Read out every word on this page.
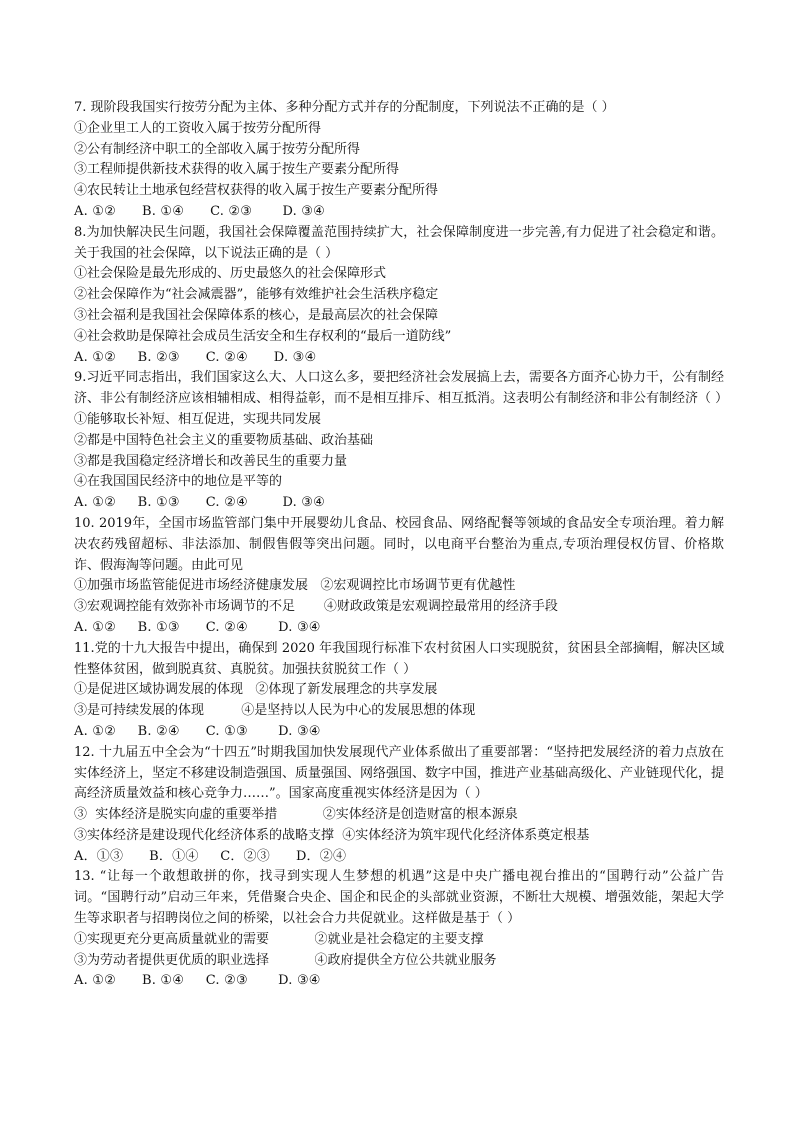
7. 现阶段我国实行按劳分配为主体、多种分配方式并存的分配制度，下列说法不正确的是（ ）

①企业里工人的工资收入属于按劳分配所得

②公有制经济中职工的全部收入属于按劳分配所得

③工程师提供新技术获得的收入属于按生产要素分配所得

④农民转让土地承包经营权获得的收入属于按生产要素分配所得

A. ①②      B. ①④      C. ②③       D. ③④

8.为加快解决民生问题，我国社会保障覆盖范围持续扩大，社会保障制度进一步完善,有力促进了社会稳定和谐。关于我国的社会保障，以下说法正确的是（ ）

①社会保险是最先形成的、历史最悠久的社会保障形式

②社会保障作为“社会减震器”，能够有效维护社会生活秩序稳定

③社会福利是我国社会保障体系的核心，是最高层次的社会保障

④社会救助是保障社会成员生活安全和生存权利的“最后一道防线”

A. ①②     B. ②③      C. ②④      D. ③④

9.习近平同志指出，我们国家这么大、人口这么多，要把经济社会发展搞上去，需要各方面齐心协力干，公有制经济、非公有制经济应该相辅相成、相得益彰，而不是相互排斥、相互抵消。这表明公有制经济和非公有制经济（ ）

①能够取长补短、相互促进，实现共同发展

②都是中国特色社会主义的重要物质基础、政治基础

③都是我国稳定经济增长和改善民生的重要力量

④在我国国民经济中的地位是平等的

A. ①②     B. ①③      C. ②④        D. ③④

10. 2019年，全国市场监管部门集中开展婴幼儿食品、校园食品、网络配餐等领域的食品安全专项治理。着力解决农药残留超标、非法添加、制假售假等突出问题。同时，以电商平台整治为重点,专项治理侵权仿冒、价格欺诈、假海淘等问题。由此可见

①加强市场监管能促进市场经济健康发展   ②宏观调控比市场调节更有优越性

③宏观调控能有效弥补市场调节的不足       ④财政政策是宏观调控最常用的经济手段

A. ①②     B. ①③      C. ②④       D. ③④

11.党的十九大报告中提出，确保到 2020 年我国现行标准下农村贫困人口实现脱贫，贫困县全部摘帽，解决区域性整体贫困，做到脱真贫、真脱贫。加强扶贫脱贫工作（ ）

①是促进区域协调发展的体现   ②体现了新发展理念的共享发展

③是可持续发展的体现         ④是坚持以人民为中心的发展思想的体现

A. ①②     B. ②④      C. ①③       D. ③④

12. 十九届五中全会为“十四五”时期我国加快发展现代产业体系做出了重要部署：“坚持把发展经济的着力点放在实体经济上，坚定不移建设制造强国、质量强国、网络强国、数字中国，推进产业基础高级化、产业链现代化，提高经济质量效益和核心竞争力……”。国家高度重视实体经济是因为（ ）

③  实体经济是脱实向虚的重要举措           ②实体经济是创造财富的根本源泉

③实体经济是建设现代化经济体系的战略支撑  ④实体经济为筑牢现代化经济体系奠定根基

A．①③      B．①④     C．②③      D．②④

13. “让每一个敢想敢拼的你，找寻到实现人生梦想的机遇”这是中央广播电视台推出的“国聘行动”公益广告词。“国聘行动”启动三年来，凭借聚合央企、国企和民企的头部就业资源，不断壮大规模、增强效能，架起大学生等求职者与招聘岗位之间的桥梁，以社会合力共促就业。这样做是基于（ ）

①实现更充分更高质量就业的需要           ②就业是社会稳定的主要支撑

③为劳动者提供更优质的职业选择           ④政府提供全方位公共就业服务

A. ①②      B. ①④     C. ②③       D. ③④
